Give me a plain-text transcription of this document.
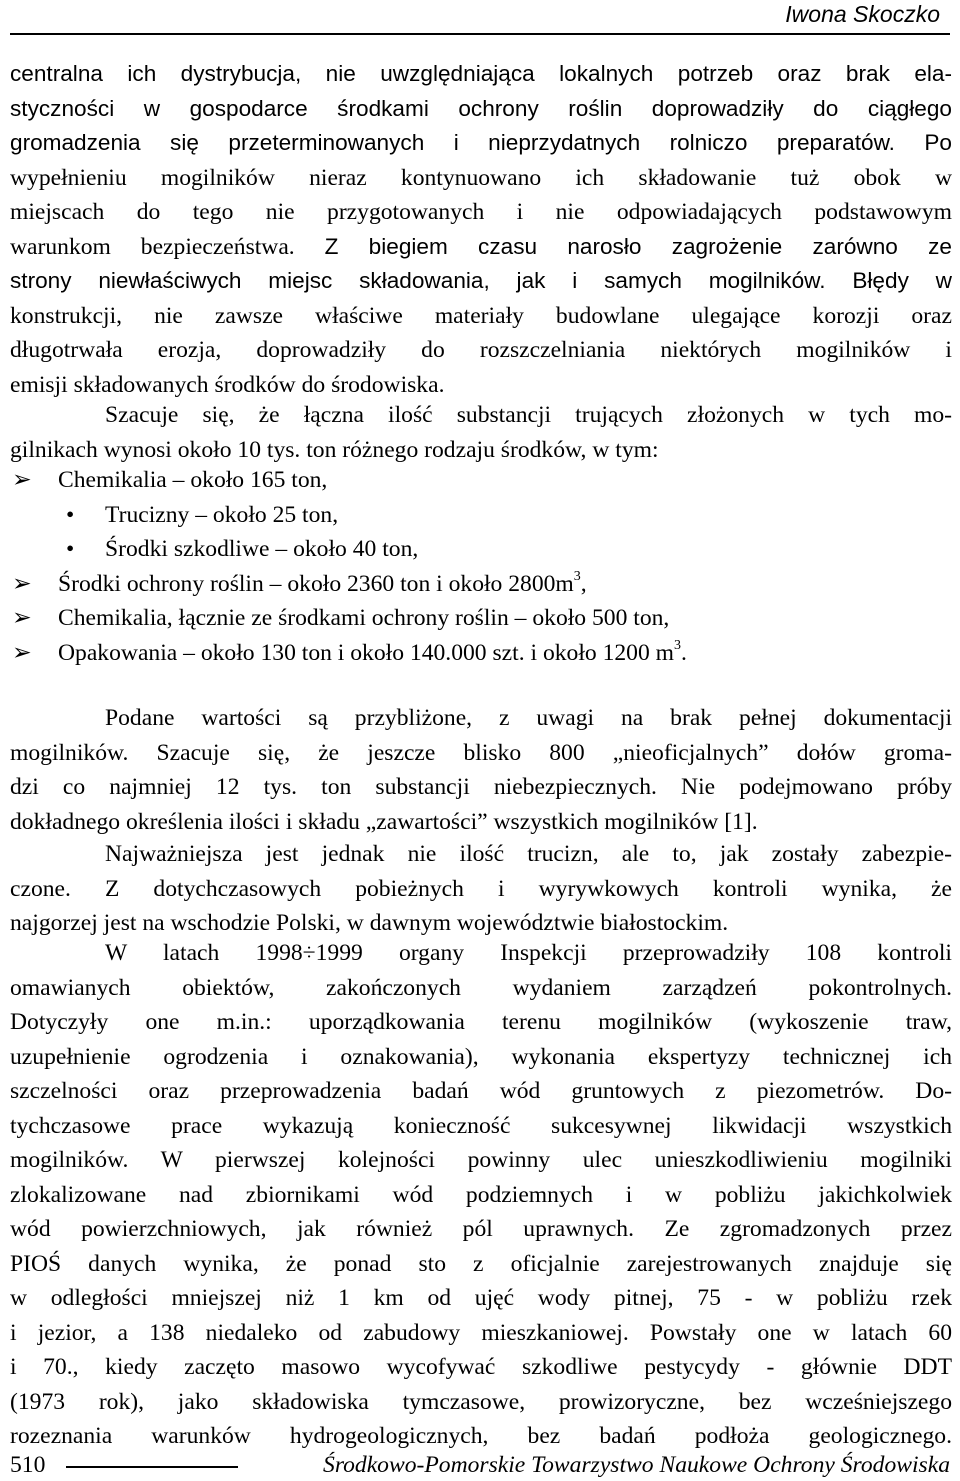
Iwona Skoczko
centralna ich dystrybucja, nie uwzględniająca lokalnych potrzeb oraz brak ela-
styczności w gospodarce środkami ochrony roślin doprowadziły do ciągłego
gromadzenia się przeterminowanych i nieprzydatnych rolniczo preparatów. Po
wypełnieniu mogilników nieraz kontynuowano ich składowanie tuż obok w
miejscach do tego nie przygotowanych i nie odpowiadających podstawowym
warunkom bezpieczeństwa. Z biegiem czasu narosło zagrożenie zarówno ze
strony niewłaściwych miejsc składowania, jak i samych mogilników. Błędy w
konstrukcji, nie zawsze właściwe materiały budowlane ulegające korozji oraz
długotrwała erozja, doprowadziły do rozszczelniania niektórych mogilników i
emisji składowanych środków do środowiska.
Szacuje się, że łączna ilość substancji trujących złożonych w tych mo-
gilnikach wynosi około 10 tys. ton różnego rodzaju środków, w tym:
➢ Chemikalia – około 165 ton,
• Trucizny – około 25 ton,
• Środki szkodliwe – około 40 ton,
➢ Środki ochrony roślin – około 2360 ton i około $2800m^3$,
➢ Chemikalia, łącznie ze środkami ochrony roślin – około 500 ton,
➢ Opakowania – około 130 ton i około 140.000 szt. i około 1200 $m^3$.
Podane wartości są przybliżone, z uwagi na brak pełnej dokumentacji
mogilników. Szacuje się, że jeszcze blisko 800 „nieoficjalnych” dołów groma-
dzi co najmniej 12 tys. ton substancji niebezpiecznych. Nie podejmowano próby
dokładnego określenia ilości i składu „zawartości” wszystkich mogilników [1].
Najważniejsza jest jednak nie ilość trucizn, ale to, jak zostały zabezpie-
czone. Z dotychczasowych pobieżnych i wyrywkowych kontroli wynika, że
najgorzej jest na wschodzie Polski, w dawnym województwie białostockim.
W latach 1998÷1999 organy Inspekcji przeprowadziły 108 kontroli
omawianych obiektów, zakończonych wydaniem zarządzeń pokontrolnych.
Dotyczyły one m.in.: uporządkowania terenu mogilników (wykoszenie traw,
uzupełnienie ogrodzenia i oznakowania), wykonania ekspertyzy technicznej ich
szczelności oraz przeprowadzenia badań wód gruntowych z piezometrów. Do-
tychczasowe prace wykazują konieczność sukcesywnej likwidacji wszystkich
mogilników. W pierwszej kolejności powinny ulec unieszkodliwieniu mogilniki
zlokalizowane nad zbiornikami wód podziemnych i w pobliżu jakichkolwiek
wód powierzchniowych, jak również pól uprawnych. Ze zgromadzonych przez
PIOŚ danych wynika, że ponad sto z oficjalnie zarejestrowanych znajduje się
w odległości mniejszej niż 1 km od ujęć wody pitnej, 75 - w pobliżu rzek
i jezior, a 138 niedaleko od zabudowy mieszkaniowej. Powstały one w latach 60
i 70., kiedy zaczęto masowo wycofywać szkodliwe pestycydy - głównie DDT
(1973 rok), jako składowiska tymczasowe, prowizoryczne, bez wcześniejszego
rozeznania warunków hydrogeologicznych, bez badań podłoża geologicznego.
510	Środkowo-Pomorskie Towarzystwo Naukowe Ochrony Środowiska
